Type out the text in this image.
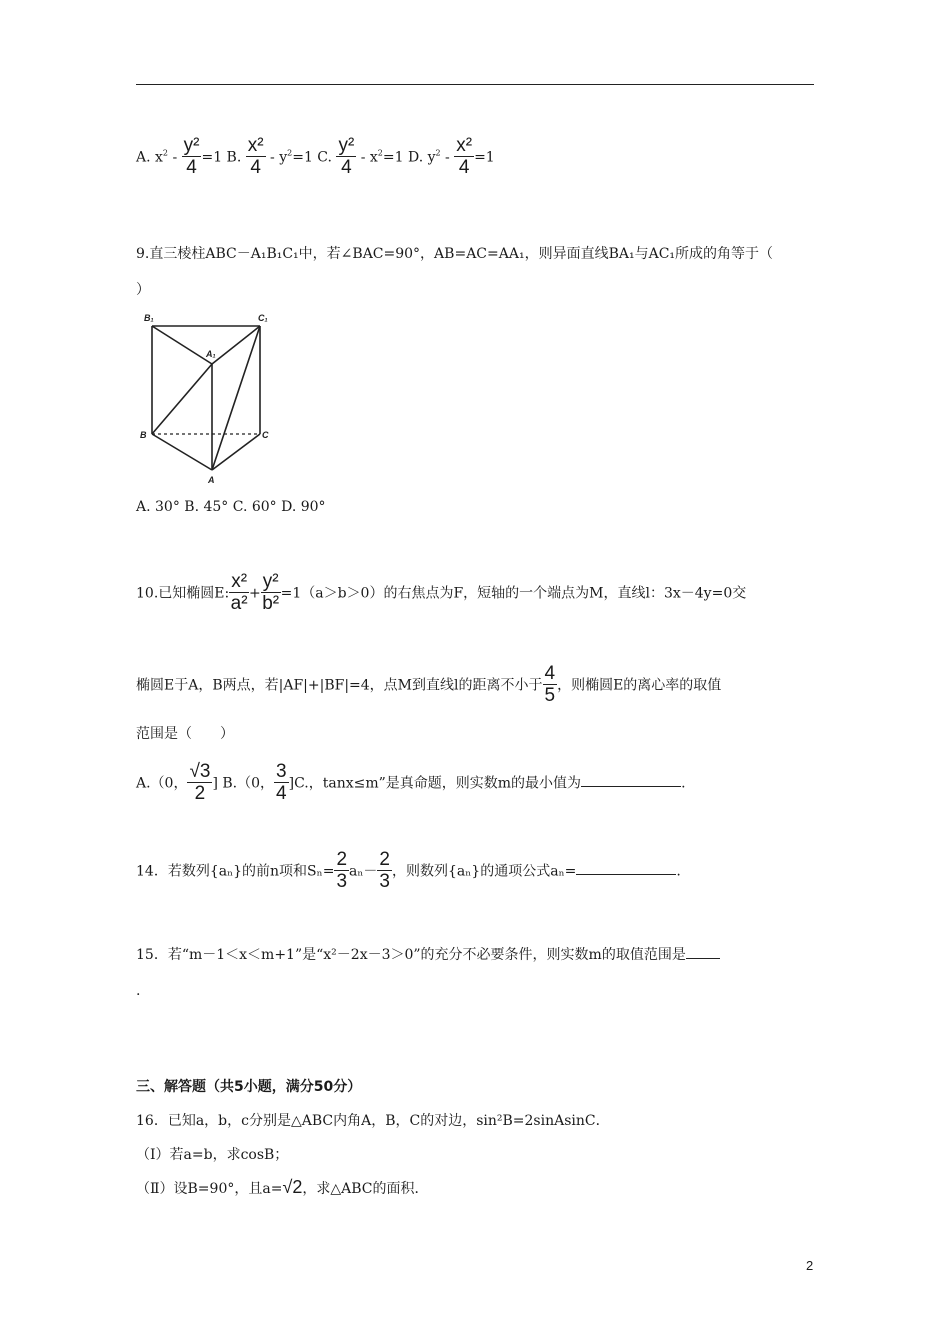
A. $x^2 - \frac{\text{y²}}{4} =1$ B. $\frac{\text{x²}}{4} - y^2=1$ C. $\frac{\text{y²}}{4} - x^2=1$ D. $y^2 - \frac{\text{x²}}{4} =1$
9.直三棱柱ABC－A₁B₁C₁中，若∠BAC=90°，AB=AC=AA₁，则异面直线BA₁与AC₁所成的角等于（
）
B₁	C₁
A₁
B	C
A
A. 30° B. 45° C. 60° D. 90°
10.已知椭圆E: $\frac{\text{x²}}{\text{a²}} + \frac{\text{y²}}{\text{b²}} =1(a>b>0)$的右焦点为F，短轴的一个端点为M，直线l：3x－4y=0交
椭圆E于A，B两点，若|AF|+|BF|=4，点M到直线l的距离不小于 $\frac{4}{5}$ ，则椭圆E的离心率的取值
范围是（　　）
A.（0， $\frac{√3}{2}$ ] B.（0， $\frac{3}{4} ]C$.，tanx≤m”是真命题，则实数m的最小值为	.
14．若数列{aₙ}的前n项和$S_n= \frac{2}{3} a_n- \frac{2}{3}$ ，则数列{aₙ}的通项公式aₙ=	.
15．若“m－1＜x＜m+1”是“x²－2x－3＞0”的充分不必要条件，则实数m的取值范围是
.
三、解答题（共5小题，满分50分）
16．已知a，b，c分别是△ABC内角A，B，C的对边，sin²B=2sinAsinC．
（Ⅰ）若a=b，求cosB；
（Ⅱ）设B=90°，且a=√2，求△ABC的面积．
2
